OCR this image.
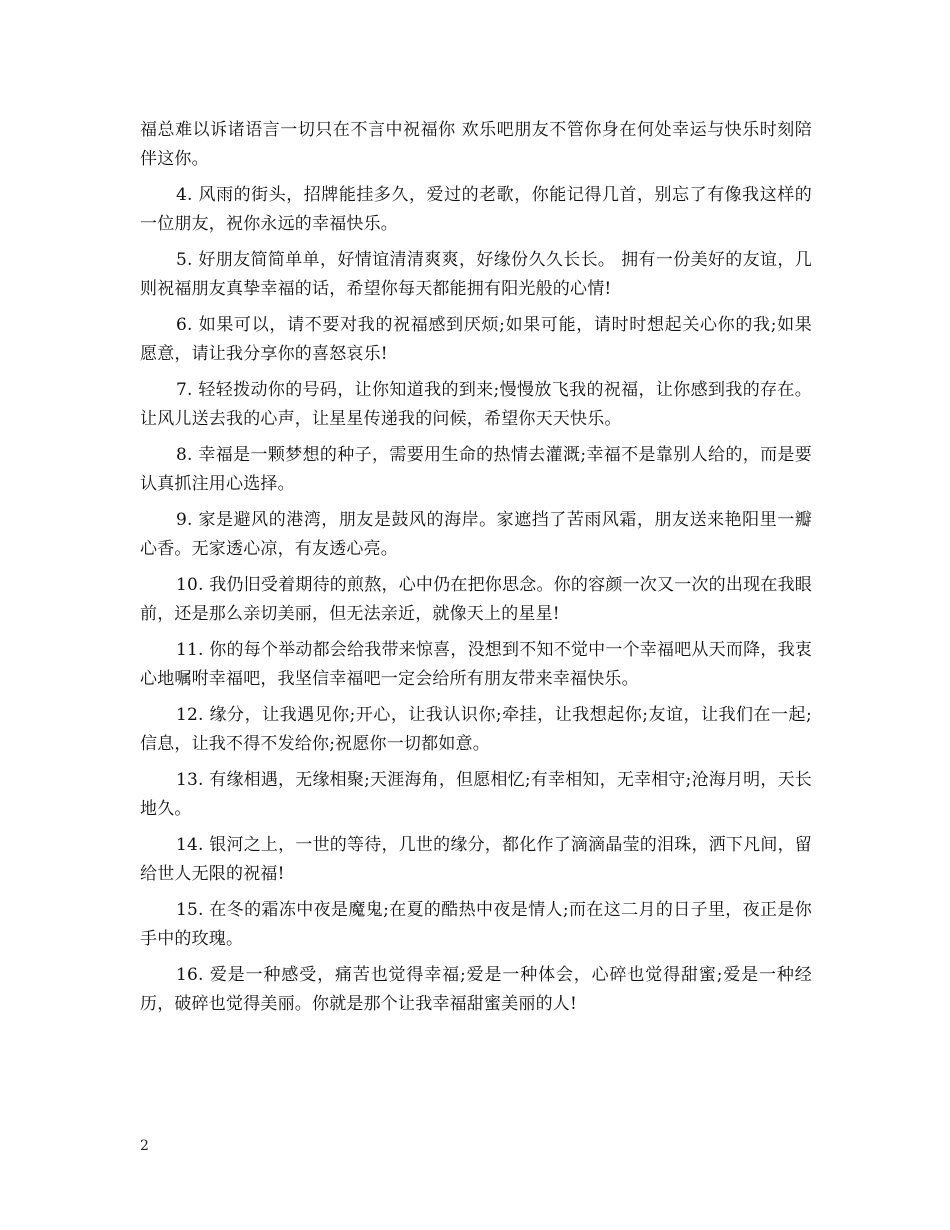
福总难以诉诸语言一切只在不言中祝福你 欢乐吧朋友不管你身在何处幸运与快乐时刻陪伴这你。

4. 风雨的街头，招牌能挂多久，爱过的老歌，你能记得几首，别忘了有像我这样的一位朋友，祝你永远的幸福快乐。

5. 好朋友简简单单，好情谊清清爽爽，好缘份久久长长。 拥有一份美好的友谊，几则祝福朋友真挚幸福的话，希望你每天都能拥有阳光般的心情!

6. 如果可以，请不要对我的祝福感到厌烦;如果可能，请时时想起关心你的我;如果愿意，请让我分享你的喜怒哀乐!

7. 轻轻拨动你的号码，让你知道我的到来;慢慢放飞我的祝福，让你感到我的存在。让风儿送去我的心声，让星星传递我的问候，希望你天天快乐。

8. 幸福是一颗梦想的种子，需要用生命的热情去灌溉;幸福不是靠别人给的，而是要认真抓注用心选择。

9. 家是避风的港湾，朋友是鼓风的海岸。家遮挡了苦雨风霜，朋友送来艳阳里一瓣心香。无家透心凉，有友透心亮。

10. 我仍旧受着期待的煎熬，心中仍在把你思念。你的容颜一次又一次的出现在我眼前，还是那么亲切美丽，但无法亲近，就像天上的星星!

11. 你的每个举动都会给我带来惊喜，没想到不知不觉中一个幸福吧从天而降，我衷心地嘱咐幸福吧，我坚信幸福吧一定会给所有朋友带来幸福快乐。

12. 缘分，让我遇见你;开心，让我认识你;牵挂，让我想起你;友谊，让我们在一起;信息，让我不得不发给你;祝愿你一切都如意。

13. 有缘相遇，无缘相聚;天涯海角，但愿相忆;有幸相知，无幸相守;沧海月明，天长地久。

14. 银河之上，一世的等待，几世的缘分，都化作了滴滴晶莹的泪珠，洒下凡间，留给世人无限的祝福!

15. 在冬的霜冻中夜是魔鬼;在夏的酷热中夜是情人;而在这二月的日子里，夜正是你手中的玫瑰。

16. 爱是一种感受，痛苦也觉得幸福;爱是一种体会，心碎也觉得甜蜜;爱是一种经历，破碎也觉得美丽。你就是那个让我幸福甜蜜美丽的人!

2
